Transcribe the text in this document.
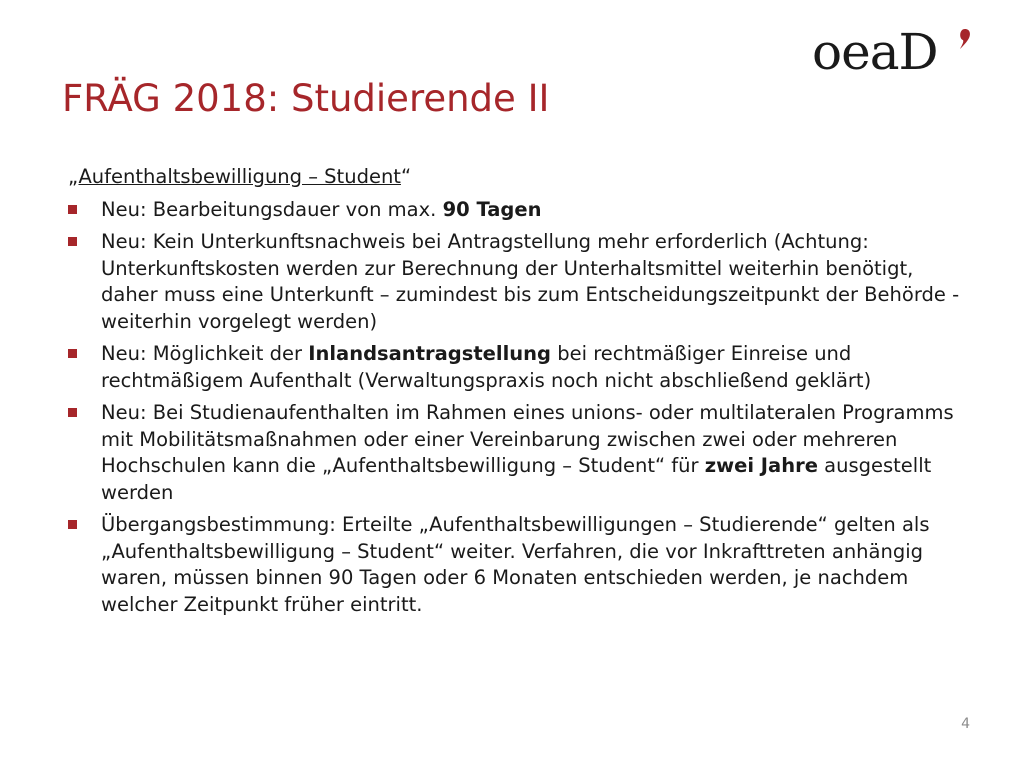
oeaD
FRÄG 2018: Studierende II

„Aufenthaltsbewilligung – Student“

Neu: Bearbeitungsdauer von max. 90 Tagen
Neu: Kein Unterkunftsnachweis bei Antragstellung mehr erforderlich (Achtung: Unterkunftskosten werden zur Berechnung der Unterhaltsmittel weiterhin benötigt, daher muss eine Unterkunft – zumindest bis zum Entscheidungszeitpunkt der Behörde - weiterhin vorgelegt werden)
Neu: Möglichkeit der Inlandsantragstellung bei rechtmäßiger Einreise und rechtmäßigem Aufenthalt (Verwaltungspraxis noch nicht abschließend geklärt)
Neu: Bei Studienaufenthalten im Rahmen eines unions- oder multilateralen Programms mit Mobilitätsmaßnahmen oder einer Vereinbarung zwischen zwei oder mehreren Hochschulen kann die „Aufenthaltsbewilligung – Student“ für zwei Jahre ausgestellt werden
Übergangsbestimmung: Erteilte „Aufenthaltsbewilligungen – Studierende“ gelten als „Aufenthaltsbewilligung – Student“ weiter. Verfahren, die vor Inkrafttreten anhängig waren, müssen binnen 90 Tagen oder 6 Monaten entschieden werden, je nachdem welcher Zeitpunkt früher eintritt.
4
